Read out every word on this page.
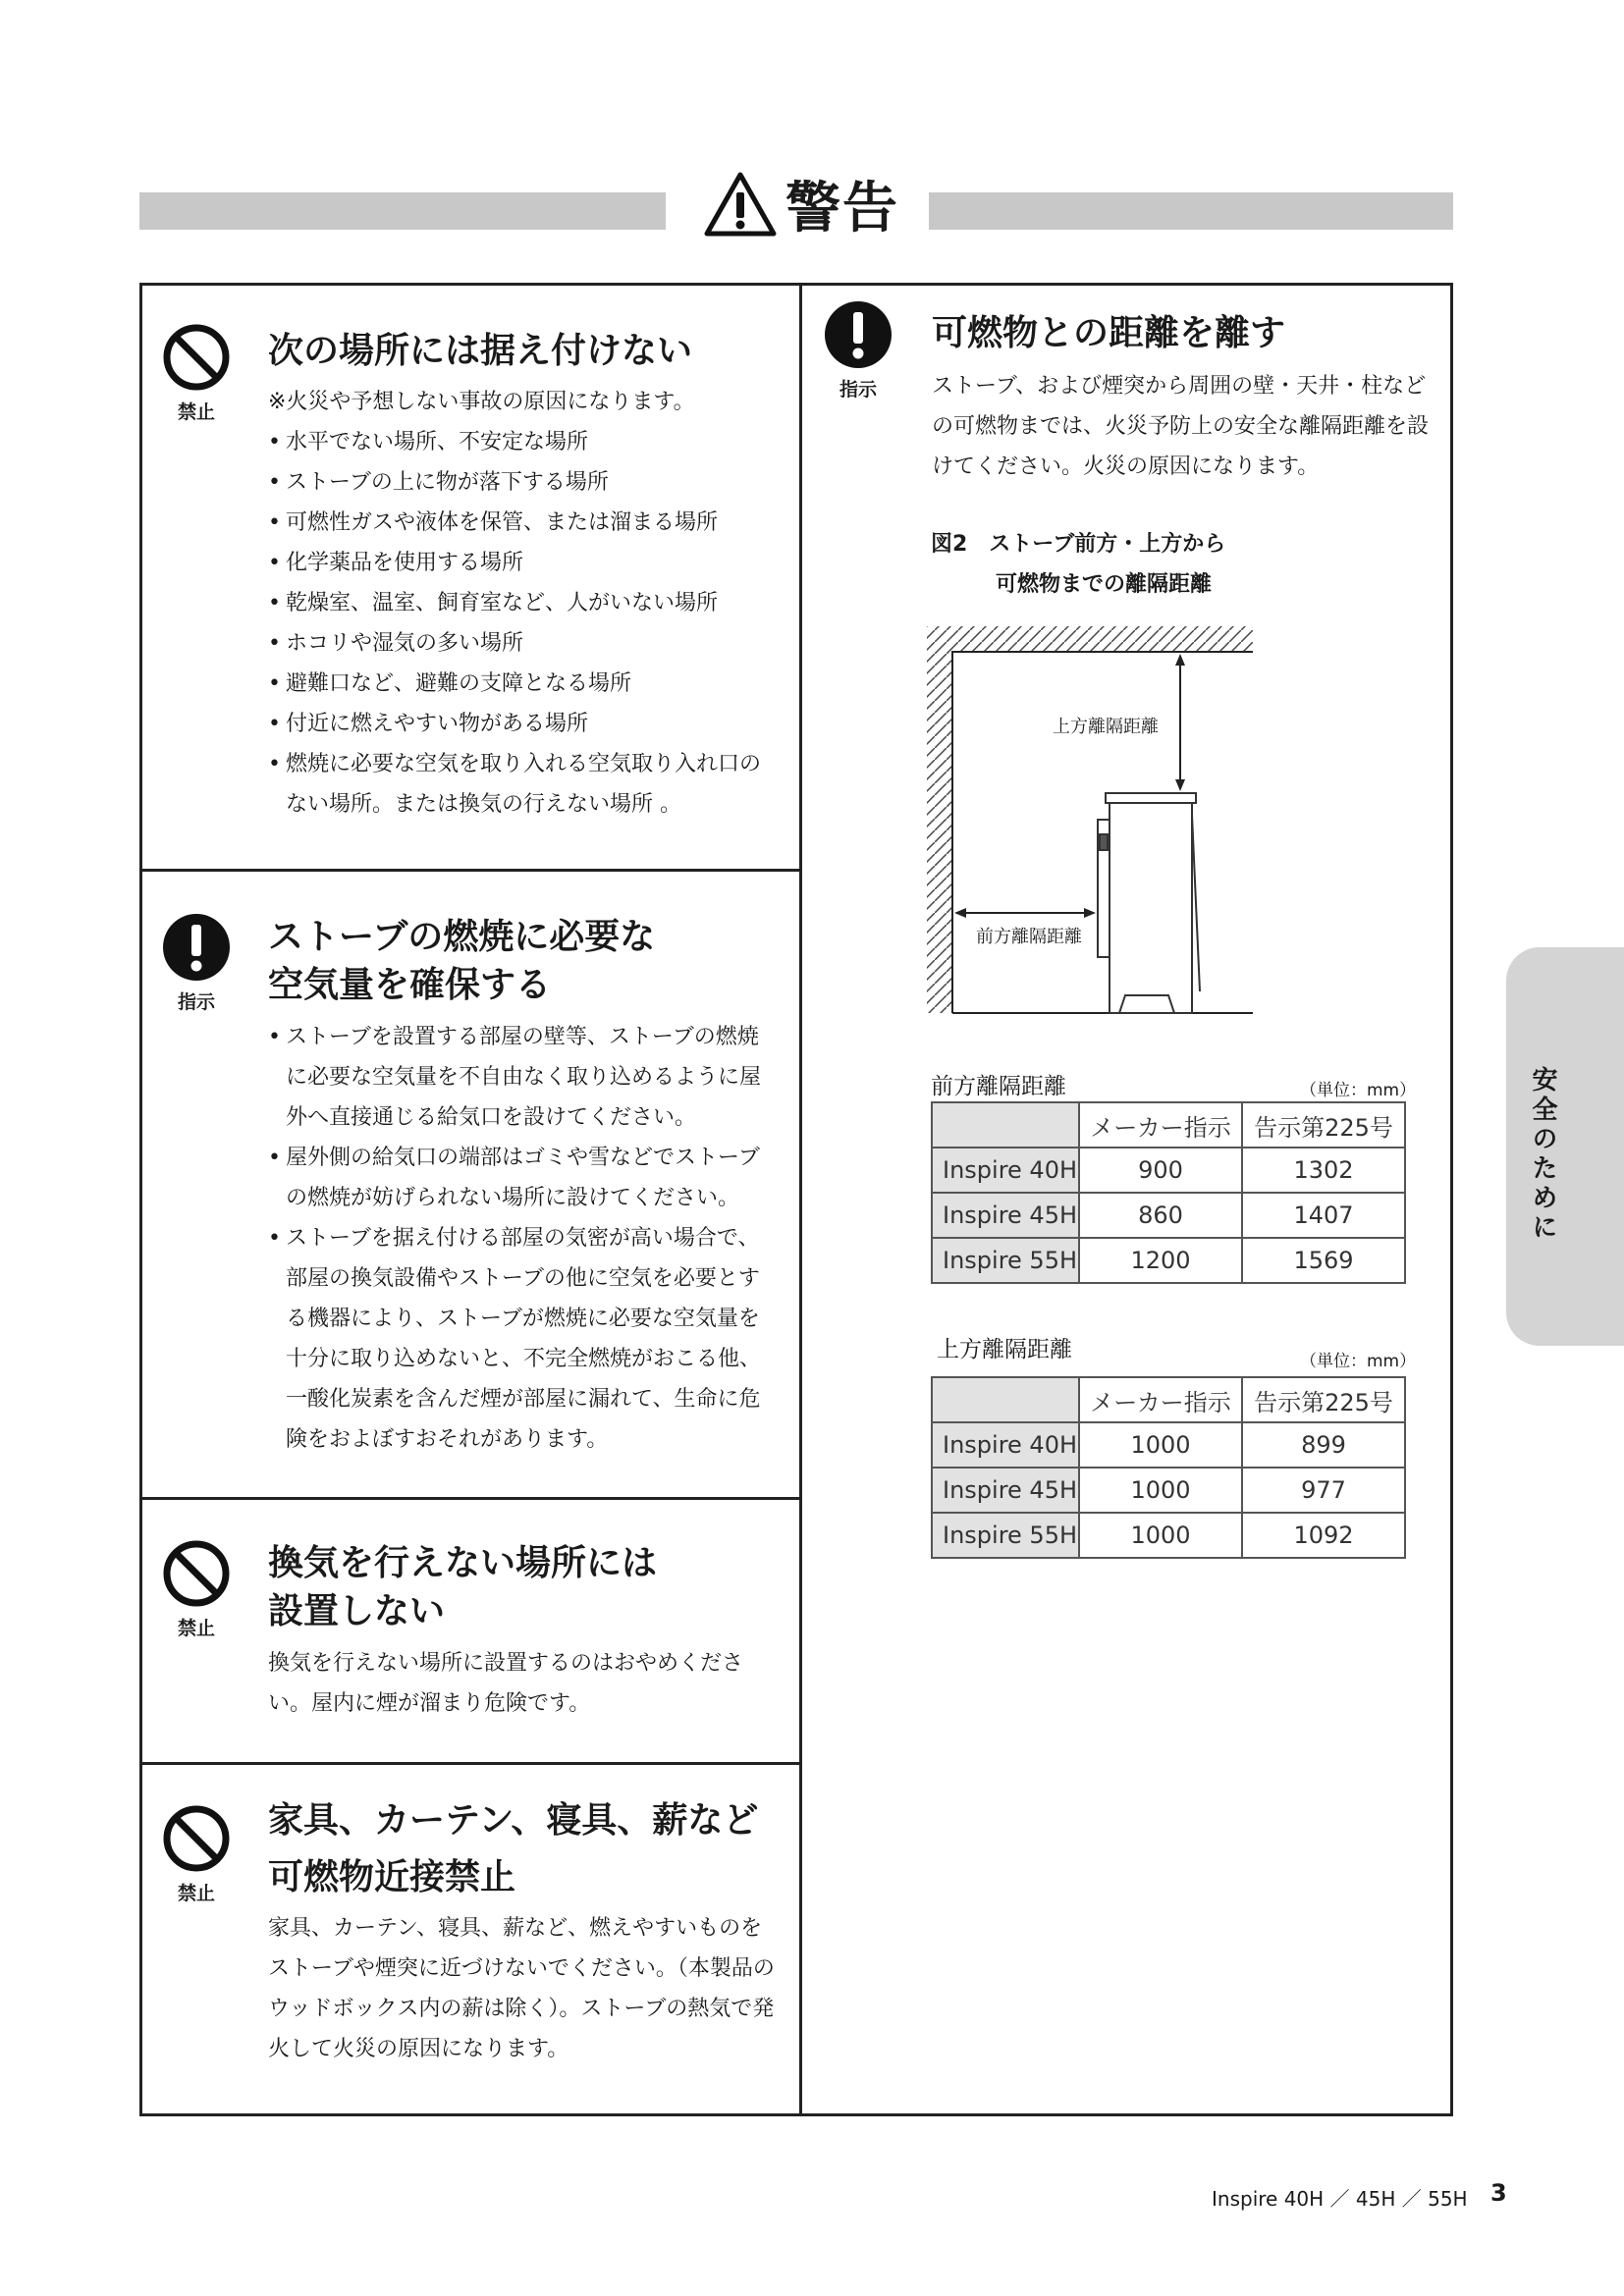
警告
禁止
次の場所には据え付けない

※火災や予想しない事故の原因になります。

• 水平でない場所、不安定な場所
• ストーブの上に物が落下する場所
• 可燃性ガスや液体を保管、または溜まる場所
• 化学薬品を使用する場所
• 乾燥室、温室、飼育室など、人がいない場所
• ホコリや湿気の多い場所
• 避難口など、避難の支障となる場所
• 付近に燃えやすい物がある場所
• 燃焼に必要な空気を取り入れる空気取り入れ口のない場所。または換気の行えない場所 。
指示
ストーブの燃焼に必要な
空気量を確保する
• ストーブを設置する部屋の壁等、ストーブの燃焼に必要な空気量を不自由なく取り込めるように屋外へ直接通じる給気口を設けてください。
• 屋外側の給気口の端部はゴミや雪などでストーブの燃焼が妨げられない場所に設けてください。
• ストーブを据え付ける部屋の気密が高い場合で、部屋の換気設備やストーブの他に空気を必要とする機器により、ストーブが燃焼に必要な空気量を十分に取り込めないと、不完全燃焼がおこる他、一酸化炭素を含んだ煙が部屋に漏れて、生命に危険をおよぼすおそれがあります。
禁止
換気を行えない場所には
設置しない

換気を行えない場所に設置するのはおやめください。屋内に煙が溜まり危険です。

禁止
家具、カーテン、寝具、薪など
可燃物近接禁止

家具、カーテン、寝具、薪など、燃えやすいものをストーブや煙突に近づけないでください。（本製品のウッドボックス内の薪は除く）。ストーブの熱気で発火して火災の原因になります。

指示
可燃物との距離を離す

ストーブ、および煙突から周囲の壁・天井・柱などの可燃物までは、火災予防上の安全な離隔距離を設けてください。火災の原因になります。

図2　ストーブ前方・上方から
可燃物までの離隔距離
上方離隔距離
前方離隔距離
前方離隔距離	（単位：mm）
	メーカー指示	告示第225号
Inspire 40H	900	1302
Inspire 45H	860	1407
Inspire 55H	1200	1569
上方離隔距離	（単位：mm）
	メーカー指示	告示第225号
Inspire 40H	1000	899
Inspire 45H	1000	977
Inspire 55H	1000	1092
安全のために
Inspire 40H ／ 45H ／ 55H 3
